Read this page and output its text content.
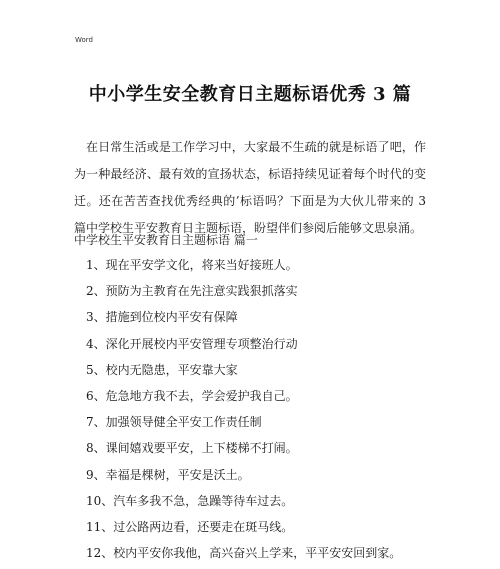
Word
中小学生安全教育日主题标语优秀 3 篇

在日常生活或是工作学习中，大家最不生疏的就是标语了吧，作为一种最经济、最有效的宣扬状态，标语持续见证着每个时代的变迁。还在苦苦查找优秀经典的’标语吗？下面是为大伙儿带来的 3 篇中学校生平安教育日主题标语，盼望伴们参阅后能够文思泉涌。

中学校生平安教育日主题标语 篇一
1、现在平安学文化，将来当好接班人。
2、预防为主教育在先注意实践狠抓落实
3、措施到位校内平安有保障
4、深化开展校内平安管理专项整治行动
5、校内无隐患，平安靠大家
6、危急地方我不去，学会爱护我自己。
7、加强领导健全平安工作责任制
8、课间嬉戏要平安，上下楼梯不打闹。
9、幸福是棵树，平安是沃土。
10、汽车多我不急，急躁等待车过去。
11、过公路两边看，还要走在斑马线。
12、校内平安你我他，高兴奋兴上学来，平平安安回到家。
